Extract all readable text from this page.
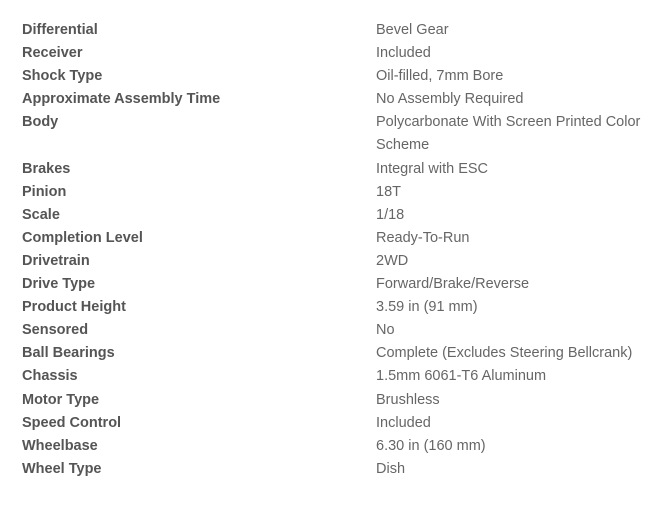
Differential	Bevel Gear
Receiver	Included
Shock Type	Oil-filled, 7mm Bore
Approximate Assembly Time	No Assembly Required
Body	Polycarbonate With Screen Printed Color Scheme
Brakes	Integral with ESC
Pinion	18T
Scale	1/18
Completion Level	Ready-To-Run
Drivetrain	2WD
Drive Type	Forward/Brake/Reverse
Product Height	3.59 in (91 mm)
Sensored	No
Ball Bearings	Complete (Excludes Steering Bellcrank)
Chassis	1.5mm 6061-T6 Aluminum
Motor Type	Brushless
Speed Control	Included
Wheelbase	6.30 in (160 mm)
Wheel Type	Dish
